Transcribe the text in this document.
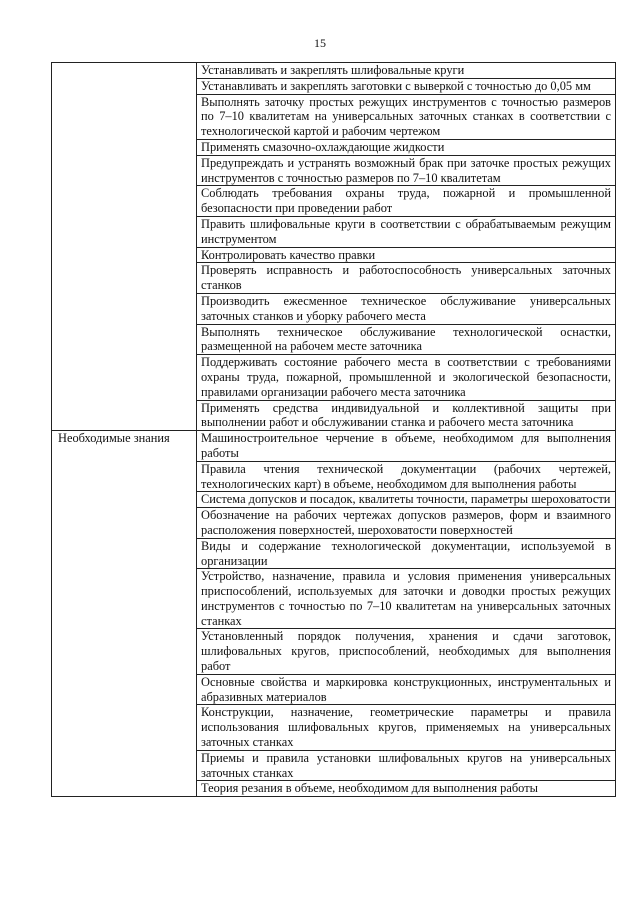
15
	Устанавливать и закреплять шлифовальные круги
	Устанавливать и закреплять заготовки с выверкой с точностью до 0,05 мм
	Выполнять заточку простых режущих инструментов с точностью размеров по 7–10 квалитетам на универсальных заточных станках в соответствии с технологической картой и рабочим чертежом
	Применять смазочно-охлаждающие жидкости
	Предупреждать и устранять возможный брак при заточке простых режущих инструментов с точностью размеров по 7–10 квалитетам
	Соблюдать требования охраны труда, пожарной и промышленной безопасности при проведении работ
	Править шлифовальные круги в соответствии с обрабатываемым режущим инструментом
	Контролировать качество правки
	Проверять исправность и работоспособность универсальных заточных станков
	Производить ежесменное техническое обслуживание универсальных заточных станков и уборку рабочего места
	Выполнять техническое обслуживание технологической оснастки, размещенной на рабочем месте заточника
	Поддерживать состояние рабочего места в соответствии с требованиями охраны труда, пожарной, промышленной и экологической безопасности, правилами организации рабочего места заточника
	Применять средства индивидуальной и коллективной защиты при выполнении работ и обслуживании станка и рабочего места заточника
Необходимые знания	Машиностроительное черчение в объеме, необходимом для выполнения работы
	Правила чтения технической документации (рабочих чертежей, технологических карт) в объеме, необходимом для выполнения работы
	Система допусков и посадок, квалитеты точности, параметры шероховатости
	Обозначение на рабочих чертежах допусков размеров, форм и взаимного расположения поверхностей, шероховатости поверхностей
	Виды и содержание технологической документации, используемой в организации
	Устройство, назначение, правила и условия применения универсальных приспособлений, используемых для заточки и доводки простых режущих инструментов с точностью по 7–10 квалитетам на универсальных заточных станках
	Установленный порядок получения, хранения и сдачи заготовок, шлифовальных кругов, приспособлений, необходимых для выполнения работ
	Основные свойства и маркировка конструкционных, инструментальных и абразивных материалов
	Конструкции, назначение, геометрические параметры и правила использования шлифовальных кругов, применяемых на универсальных заточных станках
	Приемы и правила установки шлифовальных кругов на универсальных заточных станках
	Теория резания в объеме, необходимом для выполнения работы
